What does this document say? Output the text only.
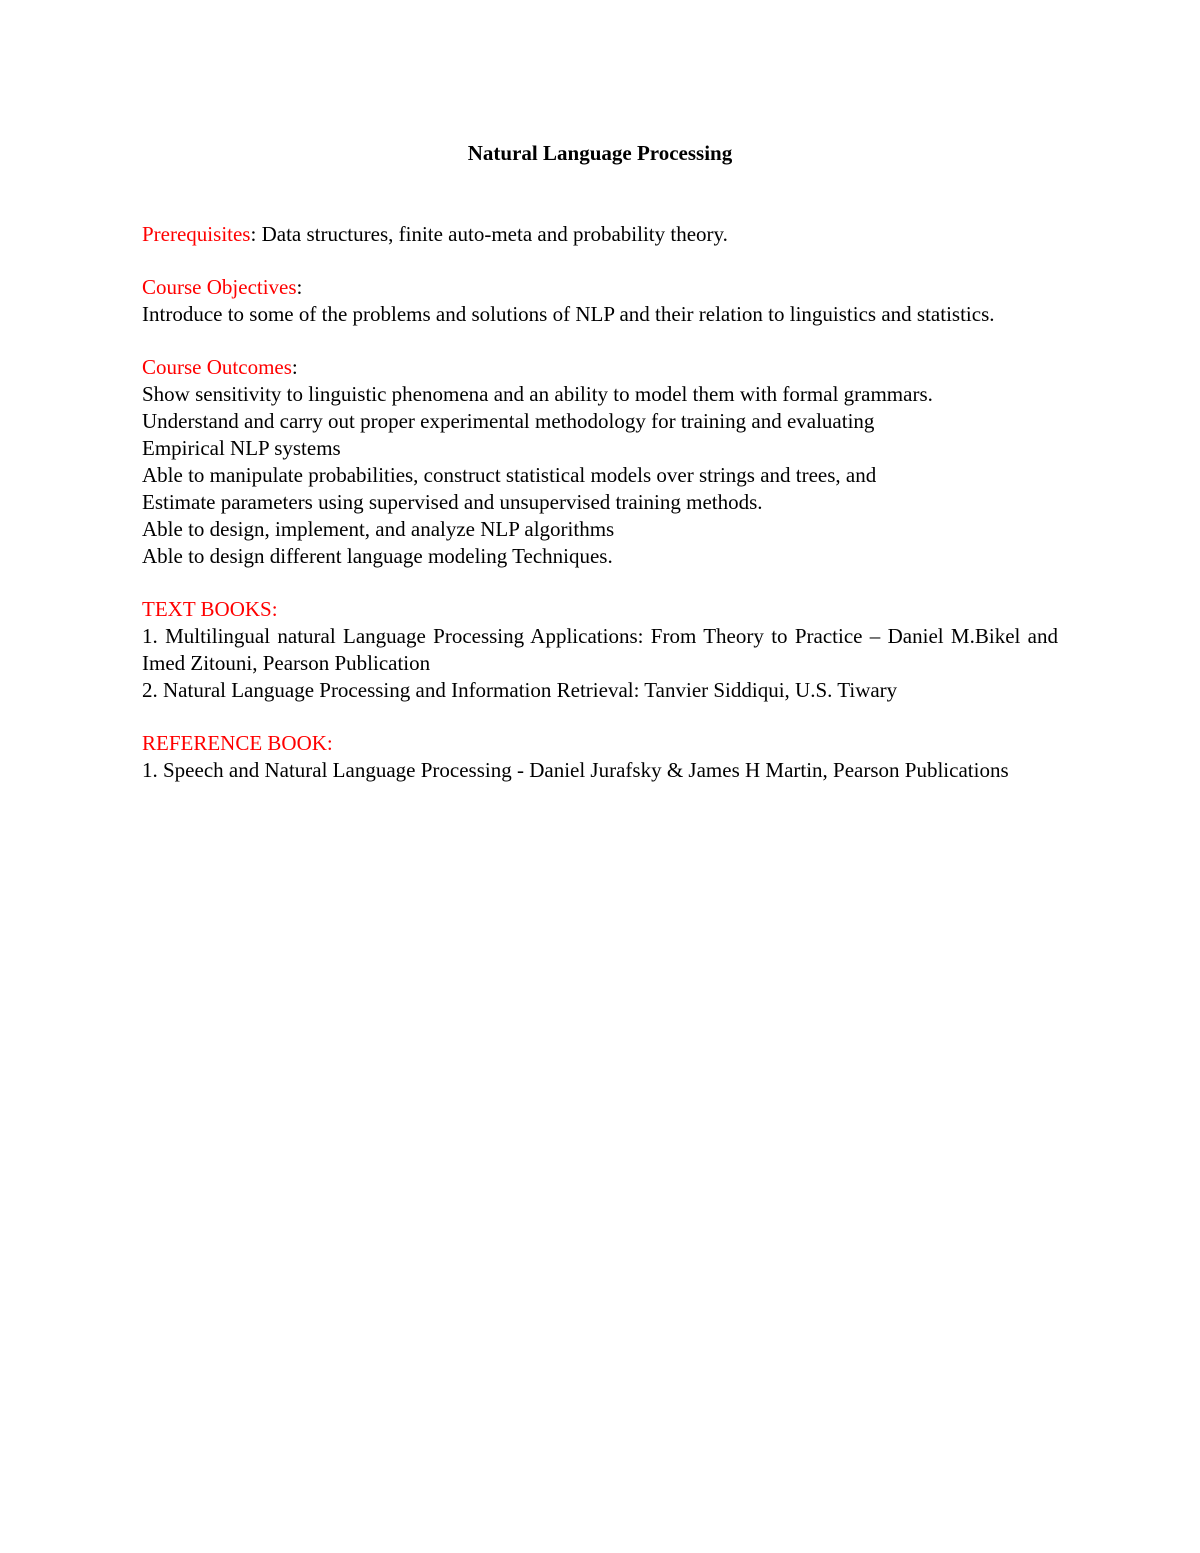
Natural Language Processing
Prerequisites: Data structures, finite auto-meta and probability theory.
Course Objectives:
Introduce to some of the problems and solutions of NLP and their relation to linguistics and statistics.
Course Outcomes:
Show sensitivity to linguistic phenomena and an ability to model them with formal grammars.
Understand and carry out proper experimental methodology for training and evaluating
Empirical NLP systems
Able to manipulate probabilities, construct statistical models over strings and trees, and
Estimate parameters using supervised and unsupervised training methods.
Able to design, implement, and analyze NLP algorithms
Able to design different language modeling Techniques.
TEXT BOOKS:
1. Multilingual natural Language Processing Applications: From Theory to Practice – Daniel M.Bikel and Imed Zitouni, Pearson Publication
2. Natural Language Processing and Information Retrieval: Tanvier Siddiqui, U.S. Tiwary
REFERENCE BOOK:
1. Speech and Natural Language Processing - Daniel Jurafsky & James H Martin, Pearson Publications
